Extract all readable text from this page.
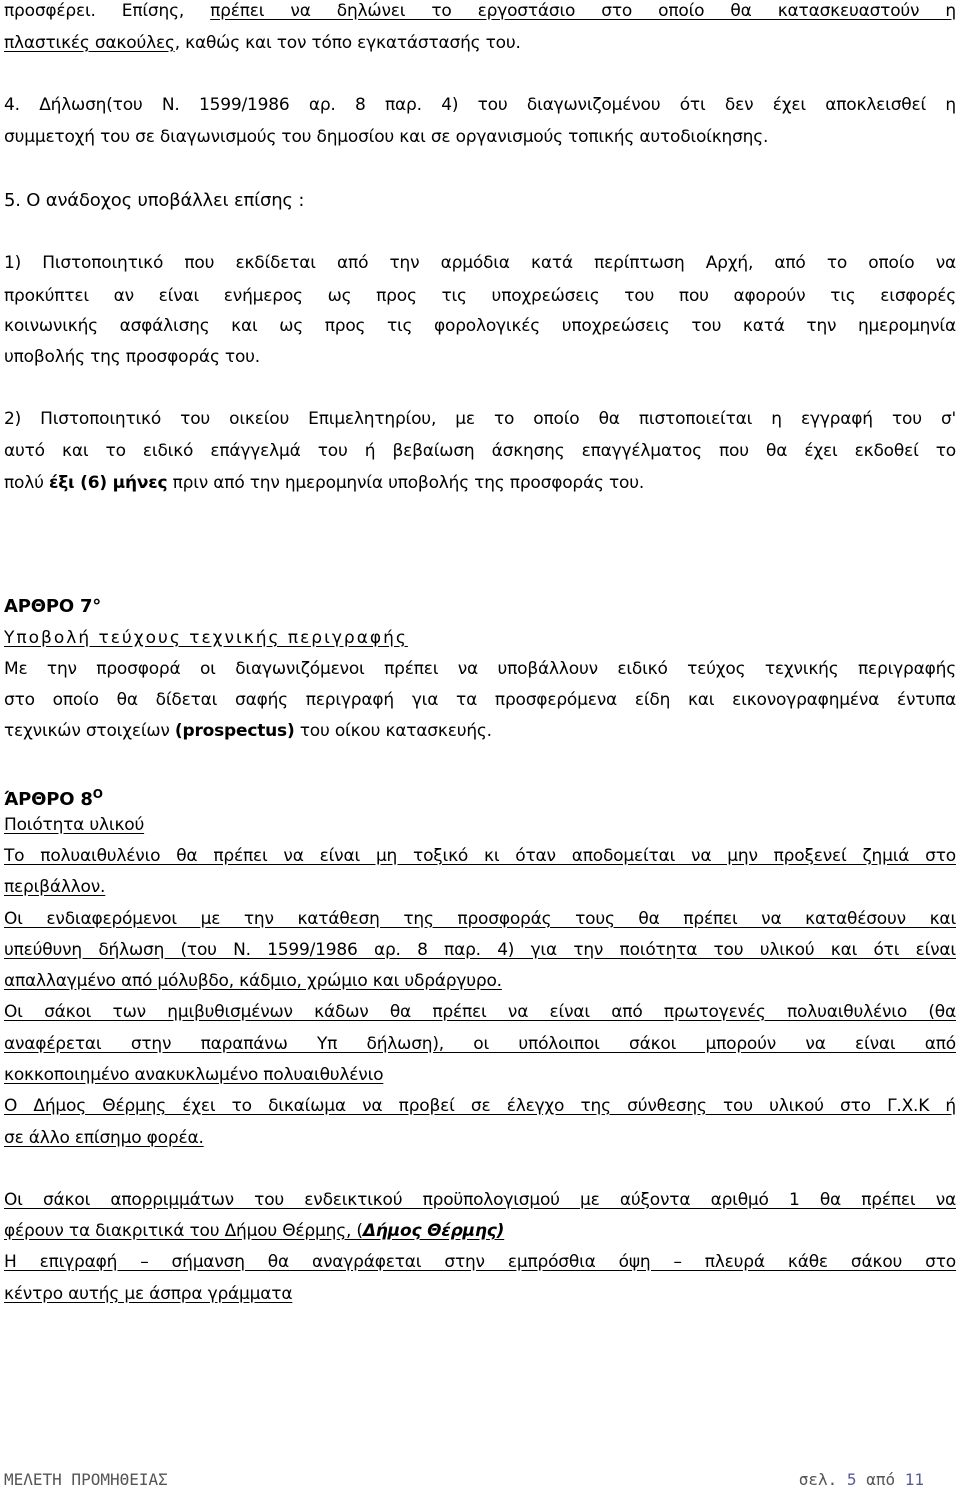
προσφέρει. Επίσης, πρέπει να δηλώνει το εργοστάσιο στο οποίο θα κατασκευαστούν η
πλαστικές σακούλες, καθώς και τον τόπο εγκατάστασής του.
4. Δήλωση(του Ν. 1599/1986 αρ. 8 παρ. 4) του διαγωνιζομένου ότι δεν έχει αποκλεισθεί η
συμμετοχή του σε διαγωνισμούς του δημοσίου και σε οργανισμούς τοπικής αυτοδιοίκησης.
5. Ο ανάδοχος υποβάλλει επίσης :
1) Πιστοποιητικό που εκδίδεται από την αρμόδια κατά περίπτωση Αρχή, από το οποίο να
προκύπτει αν είναι ενήμερος ως προς τις υποχρεώσεις του που αφορούν τις εισφορές
κοινωνικής ασφάλισης και ως προς τις φορολογικές υποχρεώσεις του κατά την ημερομηνία
υποβολής της προσφοράς του.
2) Πιστοποιητικό του οικείου Επιμελητηρίου, με το οποίο θα πιστοποιείται η εγγραφή του σ'
αυτό και το ειδικό επάγγελμά του ή βεβαίωση άσκησης επαγγέλματος που θα έχει εκδοθεί το
πολύ έξι (6) μήνες πριν από την ημερομηνία υποβολής της προσφοράς του.
ΑΡΘΡΟ 7°
Υποβολή τεύχους τεχνικής περιγραφής
Με την προσφορά οι διαγωνιζόμενοι πρέπει να υποβάλλουν ειδικό τεύχος τεχνικής περιγραφής
στο οποίο θα δίδεται σαφής περιγραφή για τα προσφερόμενα είδη και εικονογραφημένα έντυπα
τεχνικών στοιχείων (prospectus) του οίκου κατασκευής.
ΆΡΘΡΟ $8^O$
Ποιότητα υλικού
Το πολυαιθυλένιο θα πρέπει να είναι μη τοξικό κι όταν αποδομείται να μην προξενεί ζημιά στο
περιβάλλον.
Οι ενδιαφερόμενοι με την κατάθεση της προσφοράς τους θα πρέπει να καταθέσουν και
υπεύθυνη δήλωση (του Ν. 1599/1986 αρ. 8 παρ. 4) για την ποιότητα του υλικού και ότι είναι
απαλλαγμένο από μόλυβδο, κάδμιο, χρώμιο και υδράργυρο.
Οι σάκοι των ημιβυθισμένων κάδων θα πρέπει να είναι από πρωτογενές πολυαιθυλένιο (θα
αναφέρεται στην παραπάνω Υπ δήλωση), οι υπόλοιποι σάκοι μπορούν να είναι από
κοκκοποιημένο ανακυκλωμένο πολυαιθυλένιο
Ο Δήμος Θέρμης έχει το δικαίωμα να προβεί σε έλεγχο της σύνθεσης του υλικού στο Γ.Χ.Κ ή
σε άλλο επίσημο φορέα.
Οι σάκοι απορριμμάτων του ενδεικτικού προϋπολογισμού με αύξοντα αριθμό 1 θα πρέπει να
φέρουν τα διακριτικά του Δήμου Θέρμης, (Δήμος Θέρμης)
Η επιγραφή – σήμανση θα αναγράφεται στην εμπρόσθια όψη – πλευρά κάθε σάκου στο
κέντρο αυτής με άσπρα γράμματα
ΜΕΛΕΤΗ ΠΡΟΜΗΘΕΙΑΣ	σελ. 5 από 11
